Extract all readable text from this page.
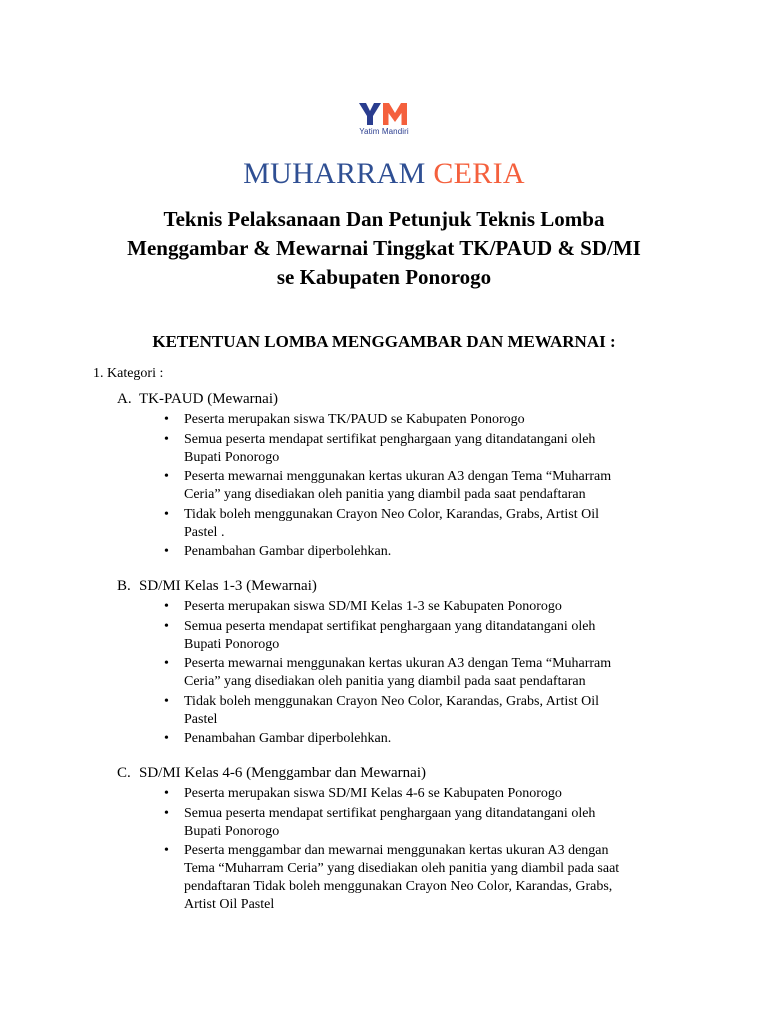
Yatim Mandiri
MUHARRAM CERIA
Teknis Pelaksanaan Dan Petunjuk Teknis Lomba
Menggambar & Mewarnai Tinggkat TK/PAUD & SD/MI
se Kabupaten Ponorogo
KETENTUAN LOMBA MENGGAMBAR DAN MEWARNAI :
1. Kategori :
A. TK-PAUD (Mewarnai)
• Peserta merupakan siswa TK/PAUD se Kabupaten Ponorogo
• Semua peserta mendapat sertifikat penghargaan yang ditandatangani oleh
Bupati Ponorogo
• Peserta mewarnai menggunakan kertas ukuran A3 dengan Tema “Muharram
Ceria” yang disediakan oleh panitia yang diambil pada saat pendaftaran
• Tidak boleh menggunakan Crayon Neo Color, Karandas, Grabs, Artist Oil
Pastel .
• Penambahan Gambar diperbolehkan.
B. SD/MI Kelas 1-3 (Mewarnai)
• Peserta merupakan siswa SD/MI Kelas 1-3 se Kabupaten Ponorogo
• Semua peserta mendapat sertifikat penghargaan yang ditandatangani oleh
Bupati Ponorogo
• Peserta mewarnai menggunakan kertas ukuran A3 dengan Tema “Muharram
Ceria” yang disediakan oleh panitia yang diambil pada saat pendaftaran
• Tidak boleh menggunakan Crayon Neo Color, Karandas, Grabs, Artist Oil
Pastel
• Penambahan Gambar diperbolehkan.
C. SD/MI Kelas 4-6 (Menggambar dan Mewarnai)
• Peserta merupakan siswa SD/MI Kelas 4-6 se Kabupaten Ponorogo
• Semua peserta mendapat sertifikat penghargaan yang ditandatangani oleh
Bupati Ponorogo
• Peserta menggambar dan mewarnai menggunakan kertas ukuran A3 dengan
Tema “Muharram Ceria” yang disediakan oleh panitia yang diambil pada saat
pendaftaran Tidak boleh menggunakan Crayon Neo Color, Karandas, Grabs,
Artist Oil Pastel
